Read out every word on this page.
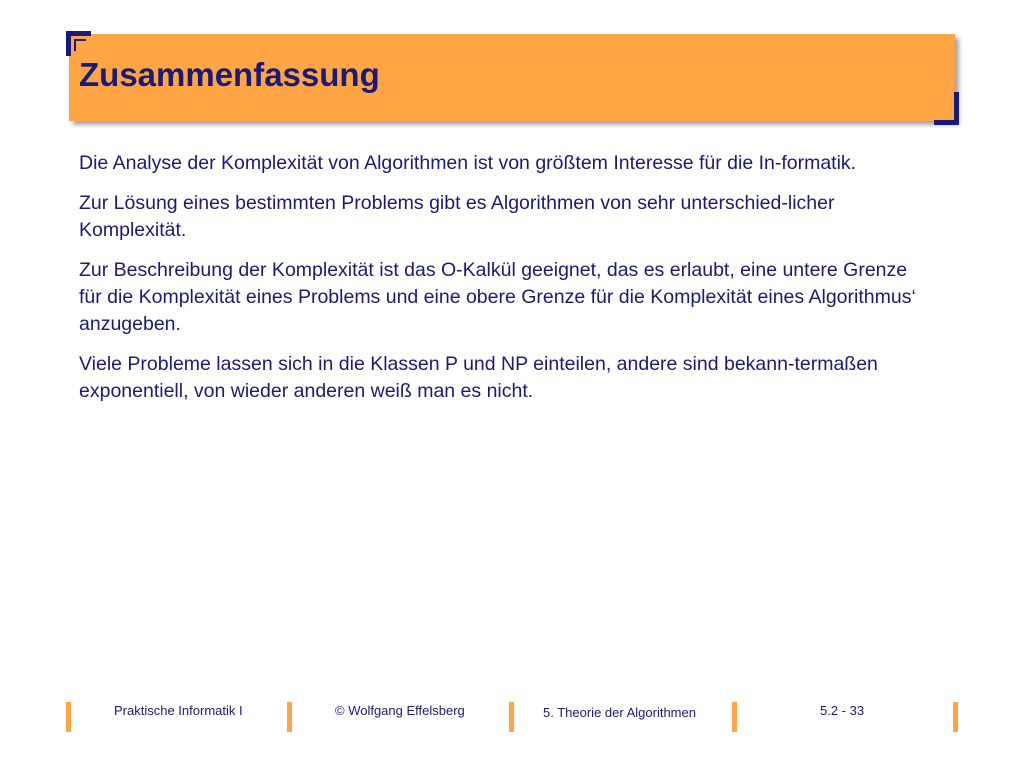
Zusammenfassung

Die Analyse der Komplexität von Algorithmen ist von größtem Interesse für die In-formatik.

Zur Lösung eines bestimmten Problems gibt es Algorithmen von sehr unterschied-licher Komplexität.

Zur Beschreibung der Komplexität ist das O-Kalkül geeignet, das es erlaubt, eine untere Grenze für die Komplexität eines Problems und eine obere Grenze für die Komplexität eines Algorithmus‘ anzugeben.

Viele Probleme lassen sich in die Klassen P und NP einteilen, andere sind bekann-termaßen exponentiell, von wieder anderen weiß man es nicht.

Praktische Informatik I	© Wolfgang Effelsberg	5. Theorie der Algorithmen	5.2 - 33
